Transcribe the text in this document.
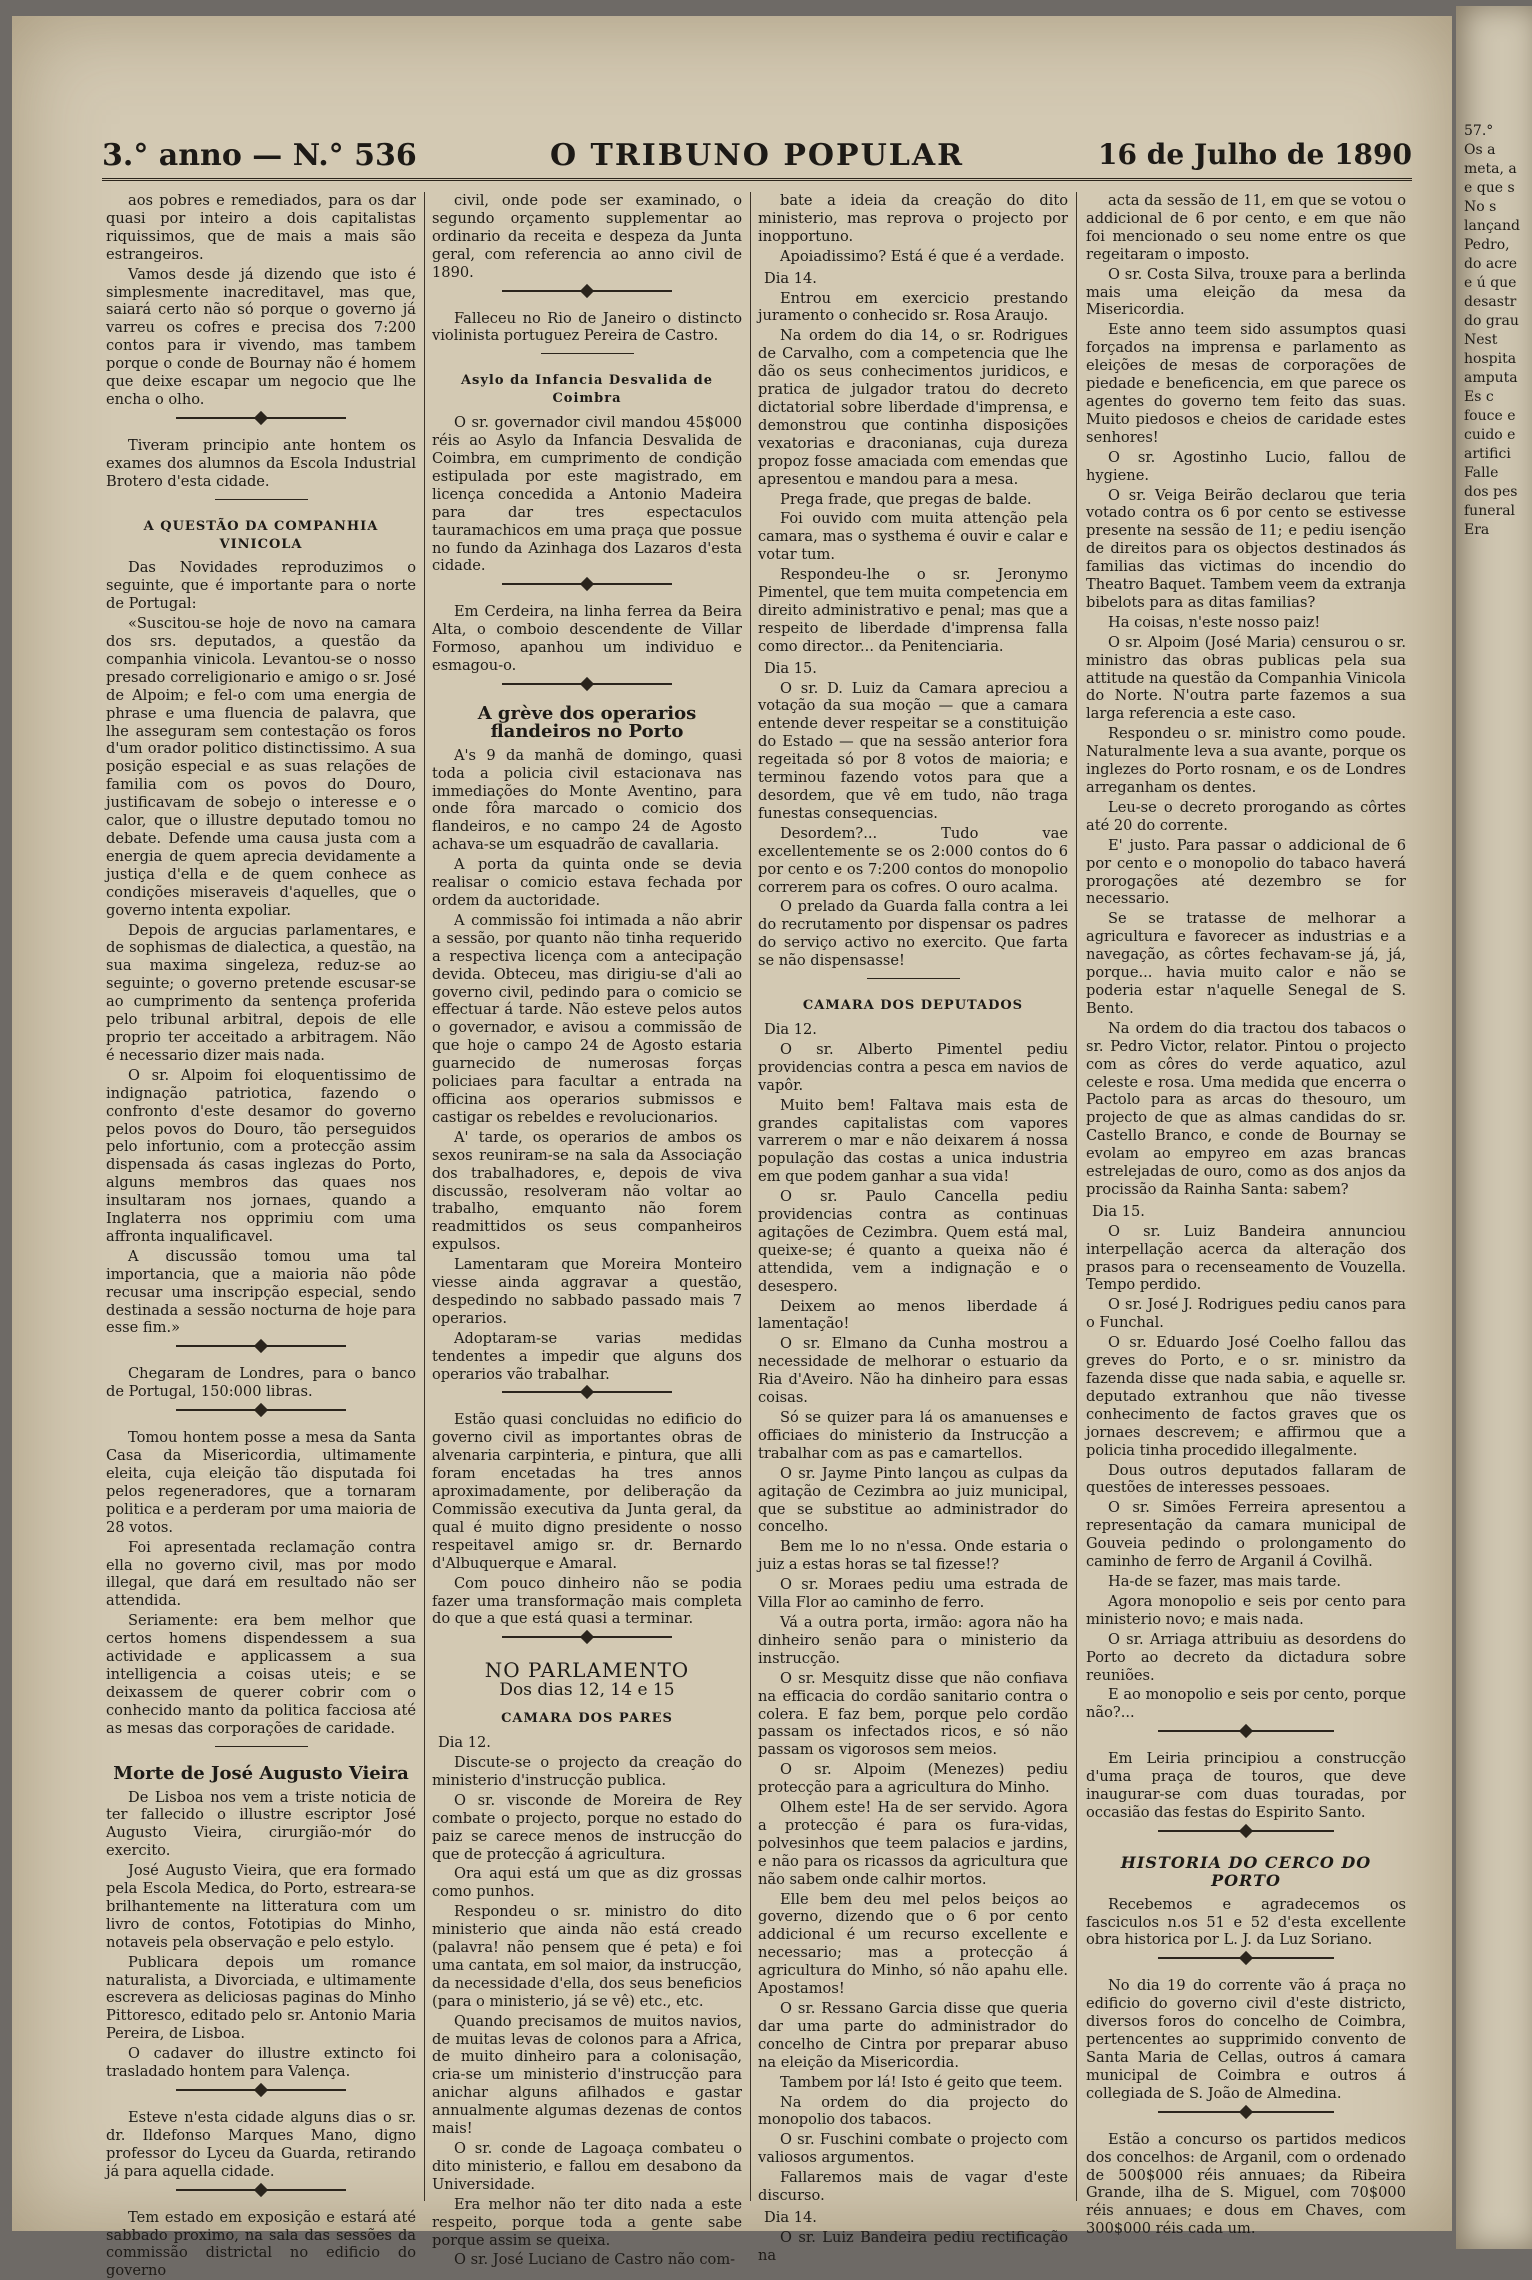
3.° anno — N.° 536	O TRIBUNO POPULAR	16 de Julho de 1890

aos pobres e remediados, para os dar quasi por inteiro a dois capitalistas riquissimos, que de mais a mais são estrangeiros.

Vamos desde já dizendo que isto é simplesmente inacreditavel, mas que, saiará certo não só porque o governo já varreu os cofres e precisa dos 7:200 contos para ir vivendo, mas tambem porque o conde de Bournay não é homem que deixe escapar um negocio que lhe encha o olho.

Tiveram principio ante hontem os exames dos alumnos da Escola Industrial Brotero d'esta cidade.

A QUESTÃO DA COMPANHIA VINICOLA

Das Novidades reproduzimos o seguinte, que é importante para o norte de Portugal:

«Suscitou-se hoje de novo na camara dos srs. deputados, a questão da companhia vinicola. Levantou-se o nosso presado correligionario e amigo o sr. José de Alpoim; e fel-o com uma energia de phrase e uma fluencia de palavra, que lhe asseguram sem contestação os foros d'um orador politico distinctissimo. A sua posição especial e as suas relações de familia com os povos do Douro, justificavam de sobejo o interesse e o calor, que o illustre deputado tomou no debate. Defende uma causa justa com a energia de quem aprecia devidamente a justiça d'ella e de quem conhece as condições miseraveis d'aquelles, que o governo intenta expoliar.

Depois de argucias parlamentares, e de sophismas de dialectica, a questão, na sua maxima singeleza, reduz-se ao seguinte; o governo pretende escusar-se ao cumprimento da sentença proferida pelo tribunal arbitral, depois de elle proprio ter acceitado a arbitragem. Não é necessario dizer mais nada.

O sr. Alpoim foi eloquentissimo de indignação patriotica, fazendo o confronto d'este desamor do governo pelos povos do Douro, tão perseguidos pelo infortunio, com a protecção assim dispensada ás casas inglezas do Porto, alguns membros das quaes nos insultaram nos jornaes, quando a Inglaterra nos opprimiu com uma affronta inqualificavel.

A discussão tomou uma tal importancia, que a maioria não pôde recusar uma inscripção especial, sendo destinada a sessão nocturna de hoje para esse fim.»

Chegaram de Londres, para o banco de Portugal, 150:000 libras.

Tomou hontem posse a mesa da Santa Casa da Misericordia, ultimamente eleita, cuja eleição tão disputada foi pelos regeneradores, que a tornaram politica e a perderam por uma maioria de 28 votos.

Foi apresentada reclamação contra ella no governo civil, mas por modo illegal, que dará em resultado não ser attendida.

Seriamente: era bem melhor que certos homens dispendessem a sua actividade e applicassem a sua intelligencia a coisas uteis; e se deixassem de querer cobrir com o conhecido manto da politica facciosa até as mesas das corporações de caridade.

Morte de José Augusto Vieira

De Lisboa nos vem a triste noticia de ter fallecido o illustre escriptor José Augusto Vieira, cirurgião-mór do exercito.

José Augusto Vieira, que era formado pela Escola Medica, do Porto, estreara-se brilhantemente na litteratura com um livro de contos, Fototipias do Minho, notaveis pela observação e pelo estylo.

Publicara depois um romance naturalista, a Divorciada, e ultimamente escrevera as deliciosas paginas do Minho Pittoresco, editado pelo sr. Antonio Maria Pereira, de Lisboa.

O cadaver do illustre extincto foi trasladado hontem para Valença.

Esteve n'esta cidade alguns dias o sr. dr. Ildefonso Marques Mano, digno professor do Lyceu da Guarda, retirando já para aquella cidade.

Tem estado em exposição e estará até sabbado proximo, na sala das sessões da commissão districtal no edificio do governo

civil, onde pode ser examinado, o segundo orçamento supplementar ao ordinario da receita e despeza da Junta geral, com referencia ao anno civil de 1890.

Falleceu no Rio de Janeiro o distincto violinista portuguez Pereira de Castro.

Asylo da Infancia Desvalida de Coimbra

O sr. governador civil mandou 45$000 réis ao Asylo da Infancia Desvalida de Coimbra, em cumprimento de condição estipulada por este magistrado, em licença concedida a Antonio Madeira para dar tres espectaculos tauramachicos em uma praça que possue no fundo da Azinhaga dos Lazaros d'esta cidade.

Em Cerdeira, na linha ferrea da Beira Alta, o comboio descendente de Villar Formoso, apanhou um individuo e esmagou-o.

A grève dos operarios flandeiros no Porto

A's 9 da manhã de domingo, quasi toda a policia civil estacionava nas immediações do Monte Aventino, para onde fôra marcado o comicio dos flandeiros, e no campo 24 de Agosto achava-se um esquadrão de cavallaria.

A porta da quinta onde se devia realisar o comicio estava fechada por ordem da auctoridade.

A commissão foi intimada a não abrir a sessão, por quanto não tinha requerido a respectiva licença com a antecipação devida. Obteceu, mas dirigiu-se d'ali ao governo civil, pedindo para o comicio se effectuar á tarde. Não esteve pelos autos o governador, e avisou a commissão de que hoje o campo 24 de Agosto estaria guarnecido de numerosas forças policiaes para facultar a entrada na officina aos operarios submissos e castigar os rebeldes e revolucionarios.

A' tarde, os operarios de ambos os sexos reuniram-se na sala da Associação dos trabalhadores, e, depois de viva discussão, resolveram não voltar ao trabalho, emquanto não forem readmittidos os seus companheiros expulsos.

Lamentaram que Moreira Monteiro viesse ainda aggravar a questão, despedindo no sabbado passado mais 7 operarios.

Adoptaram-se varias medidas tendentes a impedir que alguns dos operarios vão trabalhar.

Estão quasi concluidas no edificio do governo civil as importantes obras de alvenaria carpinteria, e pintura, que alli foram encetadas ha tres annos aproximadamente, por deliberação da Commissão executiva da Junta geral, da qual é muito digno presidente o nosso respeitavel amigo sr. dr. Bernardo d'Albuquerque e Amaral.

Com pouco dinheiro não se podia fazer uma transformação mais completa do que a que está quasi a terminar.

NO PARLAMENTO
Dos dias 12, 14 e 15
CAMARA DOS PARES

Dia 12.

Discute-se o projecto da creação do ministerio d'instrucção publica.

O sr. visconde de Moreira de Rey combate o projecto, porque no estado do paiz se carece menos de instrucção do que de protecção á agricultura.

Ora aqui está um que as diz grossas como punhos.

Respondeu o sr. ministro do dito ministerio que ainda não está creado (palavra! não pensem que é peta) e foi uma cantata, em sol maior, da instrucção, da necessidade d'ella, dos seus beneficios (para o ministerio, já se vê) etc., etc.

Quando precisamos de muitos navios, de muitas levas de colonos para a Africa, de muito dinheiro para a colonisação, cria-se um ministerio d'instrucção para anichar alguns afilhados e gastar annualmente algumas dezenas de contos mais!

O sr. conde de Lagoaça combateu o dito ministerio, e fallou em desabono da Universidade.

Era melhor não ter dito nada a este respeito, porque toda a gente sabe porque assim se queixa.

O sr. José Luciano de Castro não com-

bate a ideia da creação do dito ministerio, mas reprova o projecto por inopportuno.

Apoiadissimo? Está é que é a verdade.

Dia 14.

Entrou em exercicio prestando juramento o conhecido sr. Rosa Araujo.

Na ordem do dia 14, o sr. Rodrigues de Carvalho, com a competencia que lhe dão os seus conhecimentos juridicos, e pratica de julgador tratou do decreto dictatorial sobre liberdade d'imprensa, e demonstrou que continha disposições vexatorias e draconianas, cuja dureza propoz fosse amaciada com emendas que apresentou e mandou para a mesa.

Prega frade, que pregas de balde.

Foi ouvido com muita attenção pela camara, mas o systhema é ouvir e calar e votar tum.

Respondeu-lhe o sr. Jeronymo Pimentel, que tem muita competencia em direito administrativo e penal; mas que a respeito de liberdade d'imprensa falla como director... da Penitenciaria.

Dia 15.

O sr. D. Luiz da Camara apreciou a votação da sua moção — que a camara entende dever respeitar se a constituição do Estado — que na sessão anterior fora regeitada só por 8 votos de maioria; e terminou fazendo votos para que a desordem, que vê em tudo, não traga funestas consequencias.

Desordem?... Tudo vae excellentemente se os 2:000 contos do 6 por cento e os 7:200 contos do monopolio correrem para os cofres. O ouro acalma.

O prelado da Guarda falla contra a lei do recrutamento por dispensar os padres do serviço activo no exercito. Que farta se não dispensasse!

CAMARA DOS DEPUTADOS

Dia 12.

O sr. Alberto Pimentel pediu providencias contra a pesca em navios de vapôr.

Muito bem! Faltava mais esta de grandes capitalistas com vapores varrerem o mar e não deixarem á nossa população das costas a unica industria em que podem ganhar a sua vida!

O sr. Paulo Cancella pediu providencias contra as continuas agitações de Cezimbra. Quem está mal, queixe-se; é quanto a queixa não é attendida, vem a indignação e o desespero.

Deixem ao menos liberdade á lamentação!

O sr. Elmano da Cunha mostrou a necessidade de melhorar o estuario da Ria d'Aveiro. Não ha dinheiro para essas coisas.

Só se quizer para lá os amanuenses e officiaes do ministerio da Instrucção a trabalhar com as pas e camartellos.

O sr. Jayme Pinto lançou as culpas da agitação de Cezimbra ao juiz municipal, que se substitue ao administrador do concelho.

Bem me lo no n'essa. Onde estaria o juiz a estas horas se tal fizesse!?

O sr. Moraes pediu uma estrada de Villa Flor ao caminho de ferro.

Vá a outra porta, irmão: agora não ha dinheiro senão para o ministerio da instrucção.

O sr. Mesquitz disse que não confiava na efficacia do cordão sanitario contra o colera. E faz bem, porque pelo cordão passam os infectados ricos, e só não passam os vigorosos sem meios.

O sr. Alpoim (Menezes) pediu protecção para a agricultura do Minho.

Olhem este! Ha de ser servido. Agora a protecção é para os fura-vidas, polvesinhos que teem palacios e jardins, e não para os ricassos da agricultura que não sabem onde calhir mortos.

Elle bem deu mel pelos beiços ao governo, dizendo que o 6 por cento addicional é um recurso excellente e necessario; mas a protecção á agricultura do Minho, só não apahu elle. Apostamos!

O sr. Ressano Garcia disse que queria dar uma parte do administrador do concelho de Cintra por preparar abuso na eleição da Misericordia.

Tambem por lá! Isto é geito que teem.

Na ordem do dia projecto do monopolio dos tabacos.

O sr. Fuschini combate o projecto com valiosos argumentos.

Fallaremos mais de vagar d'este discurso.

Dia 14.

O sr. Luiz Bandeira pediu rectificação na

acta da sessão de 11, em que se votou o addicional de 6 por cento, e em que não foi mencionado o seu nome entre os que regeitaram o imposto.

O sr. Costa Silva, trouxe para a berlinda mais uma eleição da mesa da Misericordia.

Este anno teem sido assumptos quasi forçados na imprensa e parlamento as eleições de mesas de corporações de piedade e beneficencia, em que parece os agentes do governo tem feito das suas. Muito piedosos e cheios de caridade estes senhores!

O sr. Agostinho Lucio, fallou de hygiene.

O sr. Veiga Beirão declarou que teria votado contra os 6 por cento se estivesse presente na sessão de 11; e pediu isenção de direitos para os objectos destinados ás familias das victimas do incendio do Theatro Baquet. Tambem veem da extranja bibelots para as ditas familias?

Ha coisas, n'este nosso paiz!

O sr. Alpoim (José Maria) censurou o sr. ministro das obras publicas pela sua attitude na questão da Companhia Vinicola do Norte. N'outra parte fazemos a sua larga referencia a este caso.

Respondeu o sr. ministro como poude. Naturalmente leva a sua avante, porque os inglezes do Porto rosnam, e os de Londres arreganham os dentes.

Leu-se o decreto prorogando as côrtes até 20 do corrente.

E' justo. Para passar o addicional de 6 por cento e o monopolio do tabaco haverá prorogações até dezembro se for necessario.

Se se tratasse de melhorar a agricultura e favorecer as industrias e a navegação, as côrtes fechavam-se já, já, porque... havia muito calor e não se poderia estar n'aquelle Senegal de S. Bento.

Na ordem do dia tractou dos tabacos o sr. Pedro Victor, relator. Pintou o projecto com as côres do verde aquatico, azul celeste e rosa. Uma medida que encerra o Pactolo para as arcas do thesouro, um projecto de que as almas candidas do sr. Castello Branco, e conde de Bournay se evolam ao empyreo em azas brancas estrelejadas de ouro, como as dos anjos da procissão da Rainha Santa: sabem?

Dia 15.

O sr. Luiz Bandeira annunciou interpellação acerca da alteração dos prasos para o recenseamento de Vouzella. Tempo perdido.

O sr. José J. Rodrigues pediu canos para o Funchal.

O sr. Eduardo José Coelho fallou das greves do Porto, e o sr. ministro da fazenda disse que nada sabia, e aquelle sr. deputado extranhou que não tivesse conhecimento de factos graves que os jornaes descrevem; e affirmou que a policia tinha procedido illegalmente.

Dous outros deputados fallaram de questões de interesses pessoaes.

O sr. Simões Ferreira apresentou a representação da camara municipal de Gouveia pedindo o prolongamento do caminho de ferro de Arganil á Covilhã.

Ha-de se fazer, mas mais tarde.

Agora monopolio e seis por cento para ministerio novo; e mais nada.

O sr. Arriaga attribuiu as desordens do Porto ao decreto da dictadura sobre reuniões.

E ao monopolio e seis por cento, porque não?...

Em Leiria principiou a construcção d'uma praça de touros, que deve inaugurar-se com duas touradas, por occasião das festas do Espirito Santo.

HISTORIA DO CERCO DO PORTO

Recebemos e agradecemos os fasciculos n.os 51 e 52 d'esta excellente obra historica por L. J. da Luz Soriano.

No dia 19 do corrente vão á praça no edificio do governo civil d'este districto, diversos foros do concelho de Coimbra, pertencentes ao supprimido convento de Santa Maria de Cellas, outros á camara municipal de Coimbra e outros á collegiada de S. João de Almedina.

Estão a concurso os partidos medicos dos concelhos: de Arganil, com o ordenado de 500$000 réis annuaes; da Ribeira Grande, ilha de S. Miguel, com 70$000 réis annuaes; e dous em Chaves, com 300$000 réis cada um.

57.°

Os a

meta, a

e que s

No s

lançand

Pedro,

do acre

e ú que

desastr

do grau

Nest

hospita

amputa

Es c

fouce e

cuido e

artifici

Falle

dos pes

funeral

Era
